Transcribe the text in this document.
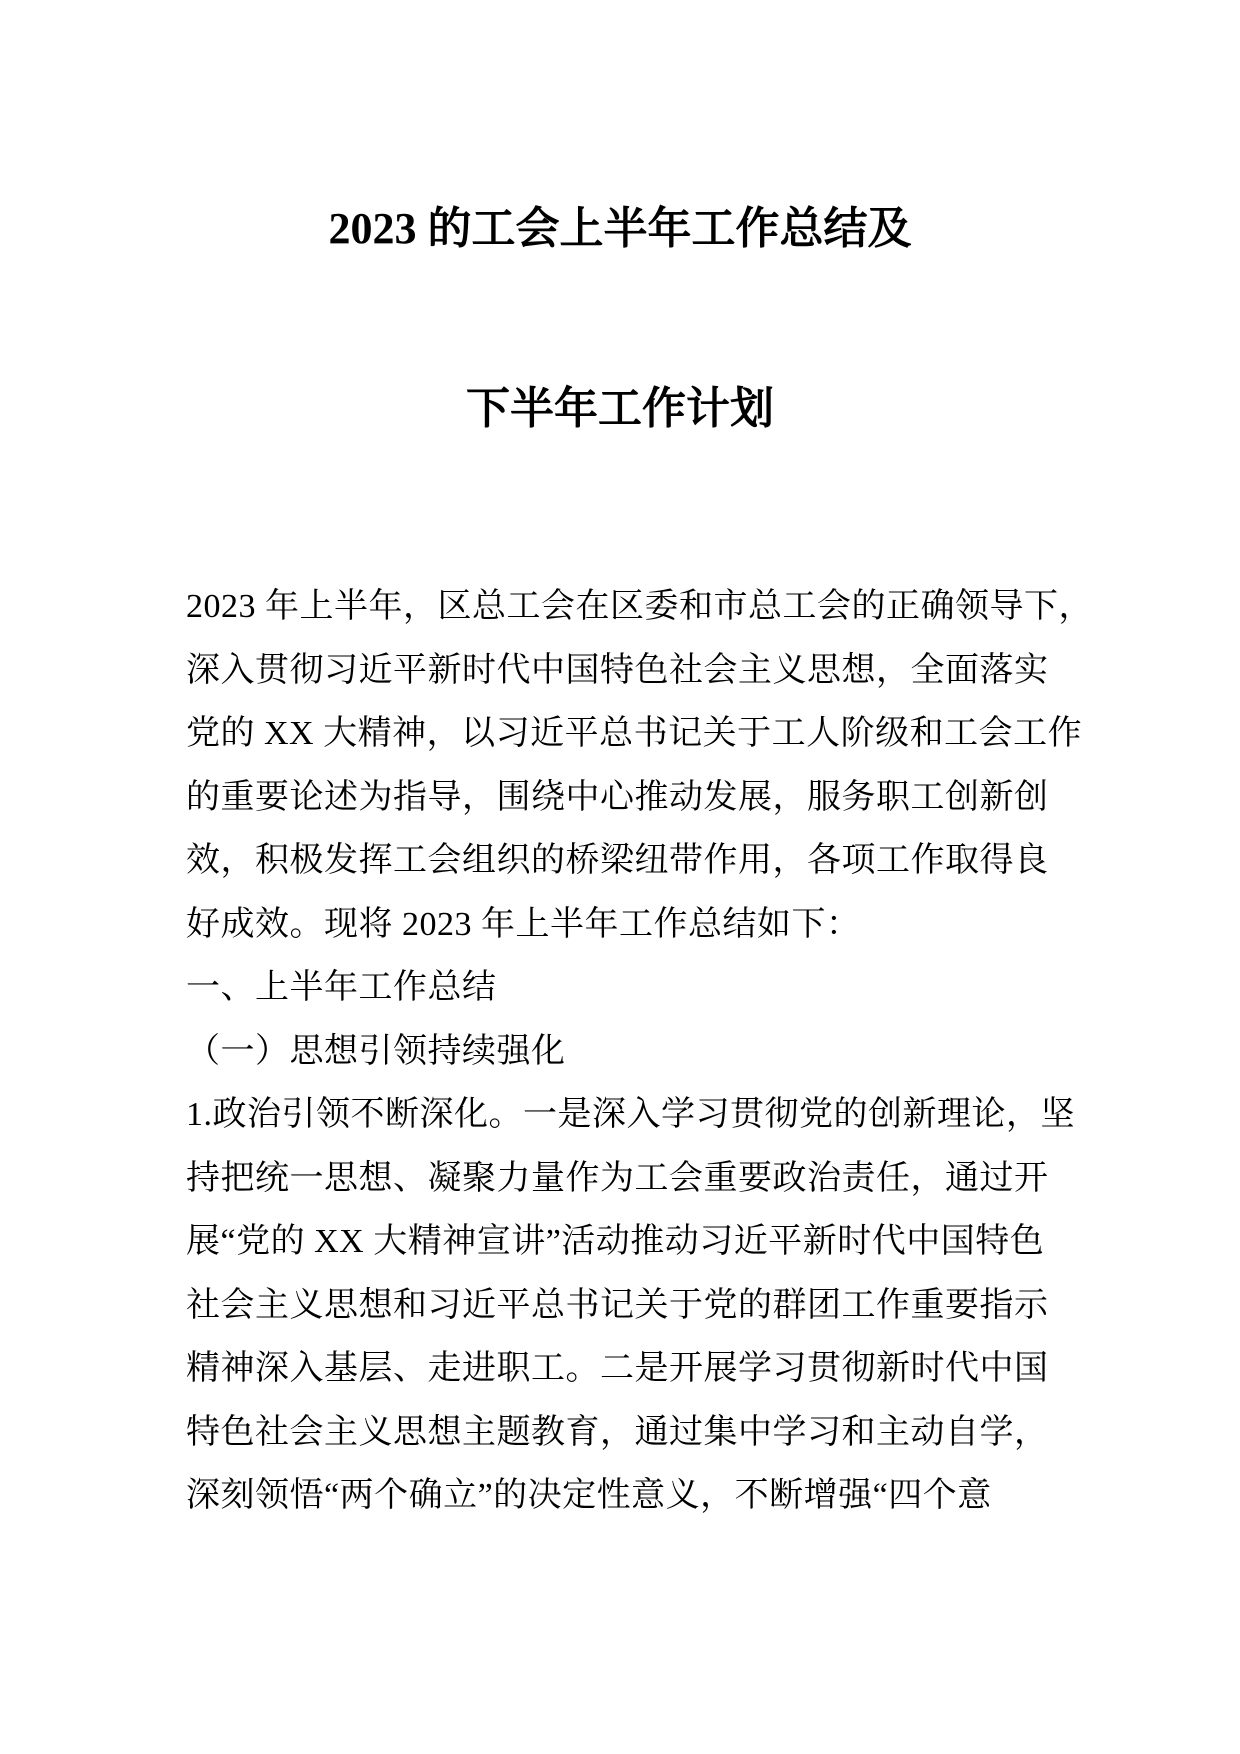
2023 的工会上半年工作总结及
下半年工作计划
2023 年上半年，区总工会在区委和市总工会的正确领导下，
深入贯彻习近平新时代中国特色社会主义思想，全面落实
党的 XX 大精神，以习近平总书记关于工人阶级和工会工作
的重要论述为指导，围绕中心推动发展，服务职工创新创
效，积极发挥工会组织的桥梁纽带作用，各项工作取得良
好成效。现将 2023 年上半年工作总结如下：
一、上半年工作总结
（一）思想引领持续强化
1.政治引领不断深化。一是深入学习贯彻党的创新理论，坚
持把统一思想、凝聚力量作为工会重要政治责任，通过开
展“党的 XX 大精神宣讲”活动推动习近平新时代中国特色
社会主义思想和习近平总书记关于党的群团工作重要指示
精神深入基层、走进职工。二是开展学习贯彻新时代中国
特色社会主义思想主题教育，通过集中学习和主动自学，
深刻领悟“两个确立”的决定性意义，不断增强“四个意
